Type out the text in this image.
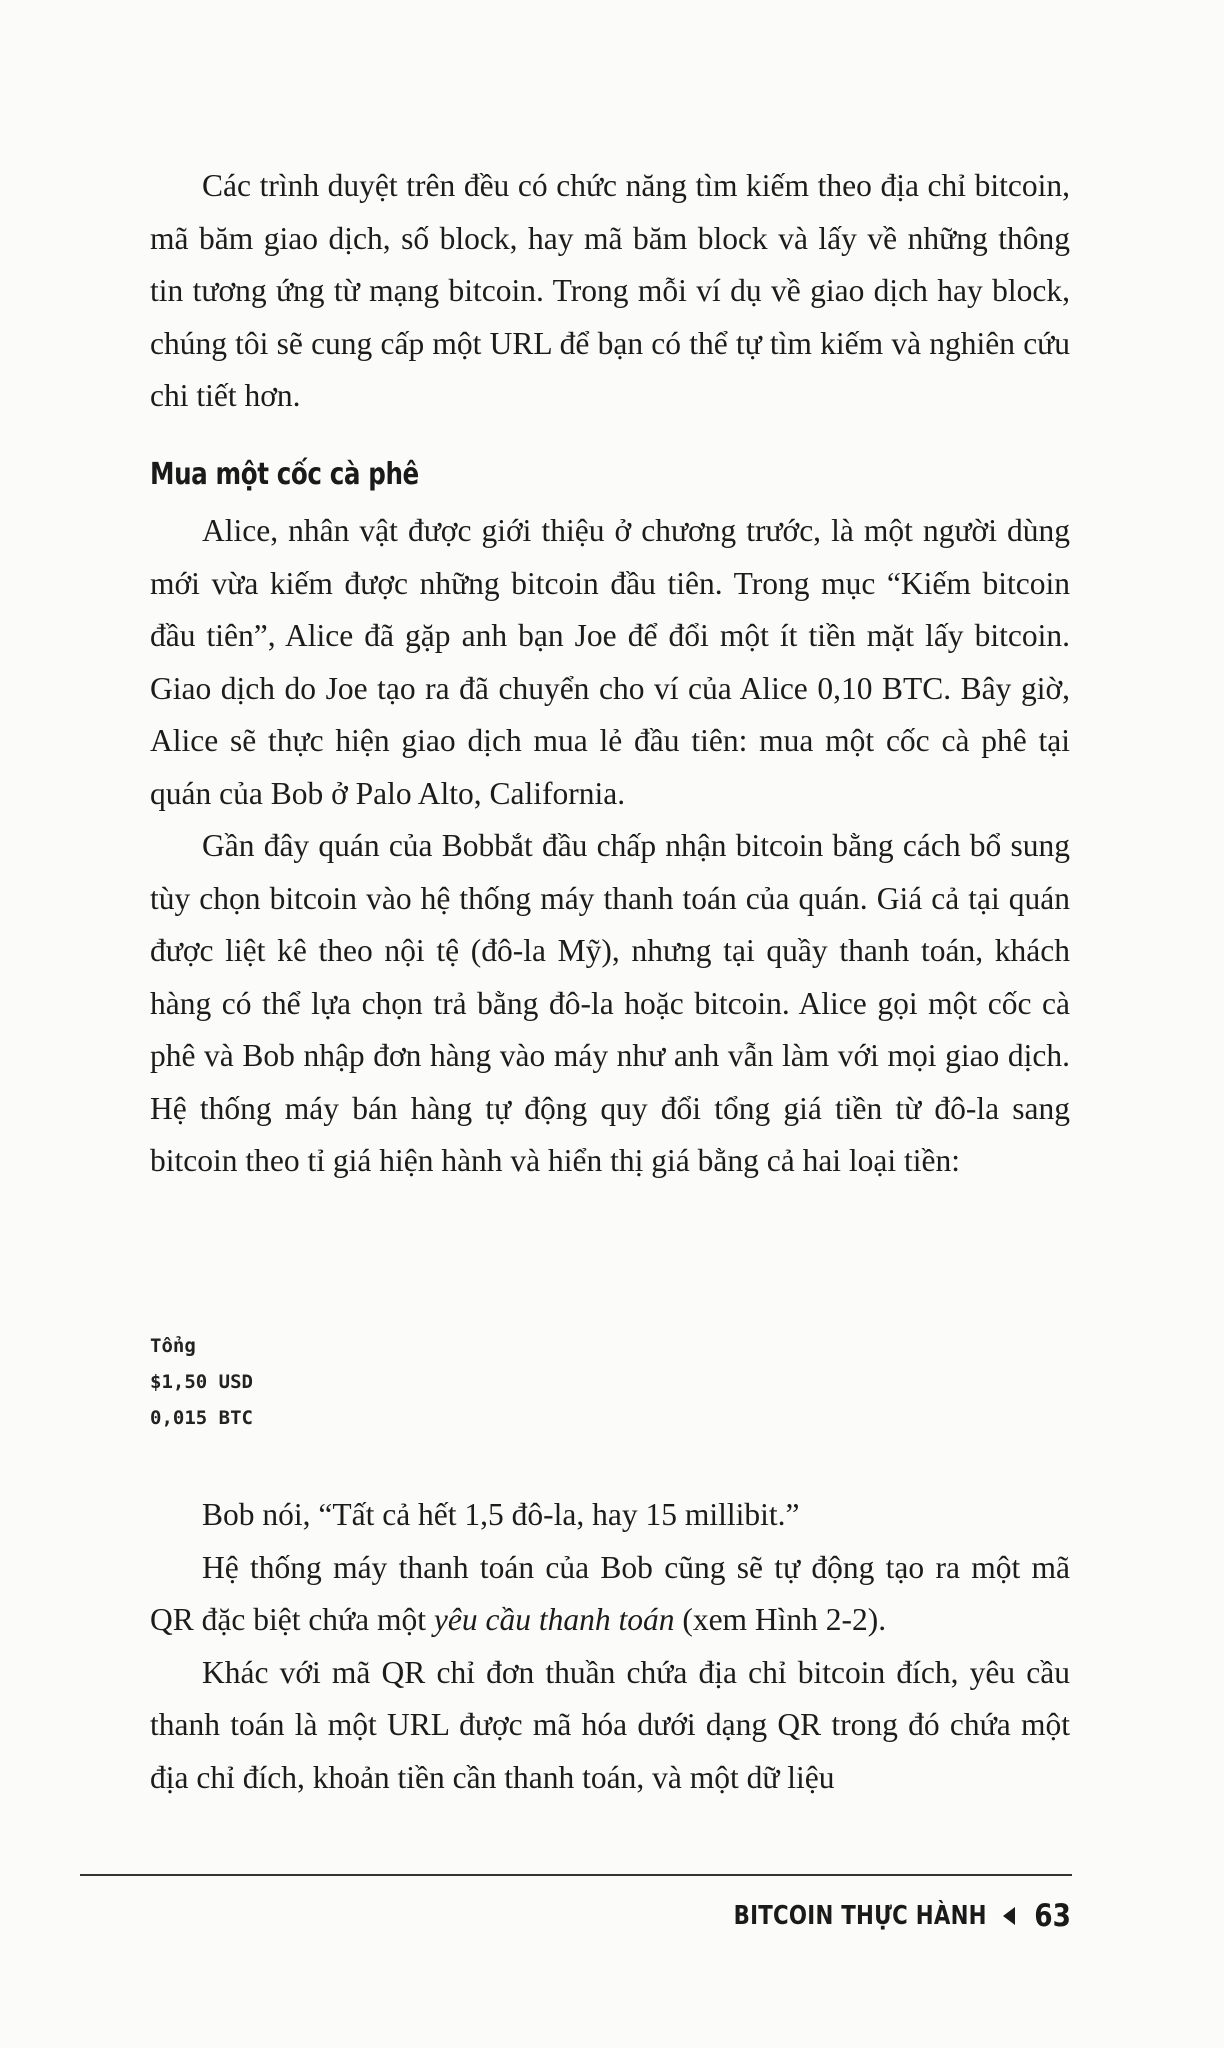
Các trình duyệt trên đều có chức năng tìm kiếm theo địa chỉ bitcoin, mã băm giao dịch, số block, hay mã băm block và lấy về những thông tin tương ứng từ mạng bitcoin. Trong mỗi ví dụ về giao dịch hay block, chúng tôi sẽ cung cấp một URL để bạn có thể tự tìm kiếm và nghiên cứu chi tiết hơn.

Mua một cốc cà phê

Alice, nhân vật được giới thiệu ở chương trước, là một người dùng mới vừa kiếm được những bitcoin đầu tiên. Trong mục “Kiếm bitcoin đầu tiên”, Alice đã gặp anh bạn Joe để đổi một ít tiền mặt lấy bitcoin. Giao dịch do Joe tạo ra đã chuyển cho ví của Alice 0,10 BTC. Bây giờ, Alice sẽ thực hiện giao dịch mua lẻ đầu tiên: mua một cốc cà phê tại quán của Bob ở Palo Alto, California.

Gần đây quán của Bobbắt đầu chấp nhận bitcoin bằng cách bổ sung tùy chọn bitcoin vào hệ thống máy thanh toán của quán. Giá cả tại quán được liệt kê theo nội tệ (đô-la Mỹ), nhưng tại quầy thanh toán, khách hàng có thể lựa chọn trả bằng đô-la hoặc bitcoin. Alice gọi một cốc cà phê và Bob nhập đơn hàng vào máy như anh vẫn làm với mọi giao dịch. Hệ thống máy bán hàng tự động quy đổi tổng giá tiền từ đô-la sang bitcoin theo tỉ giá hiện hành và hiển thị giá bằng cả hai loại tiền:

Tổng
$1,50 USD
0,015 BTC

Bob nói, “Tất cả hết 1,5 đô-la, hay 15 millibit.”

Hệ thống máy thanh toán của Bob cũng sẽ tự động tạo ra một mã QR đặc biệt chứa một yêu cầu thanh toán (xem Hình 2-2).

Khác với mã QR chỉ đơn thuần chứa địa chỉ bitcoin đích, yêu cầu thanh toán là một URL được mã hóa dưới dạng QR trong đó chứa một địa chỉ đích, khoản tiền cần thanh toán, và một dữ liệu

BITCOIN THỰC HÀNH 63
